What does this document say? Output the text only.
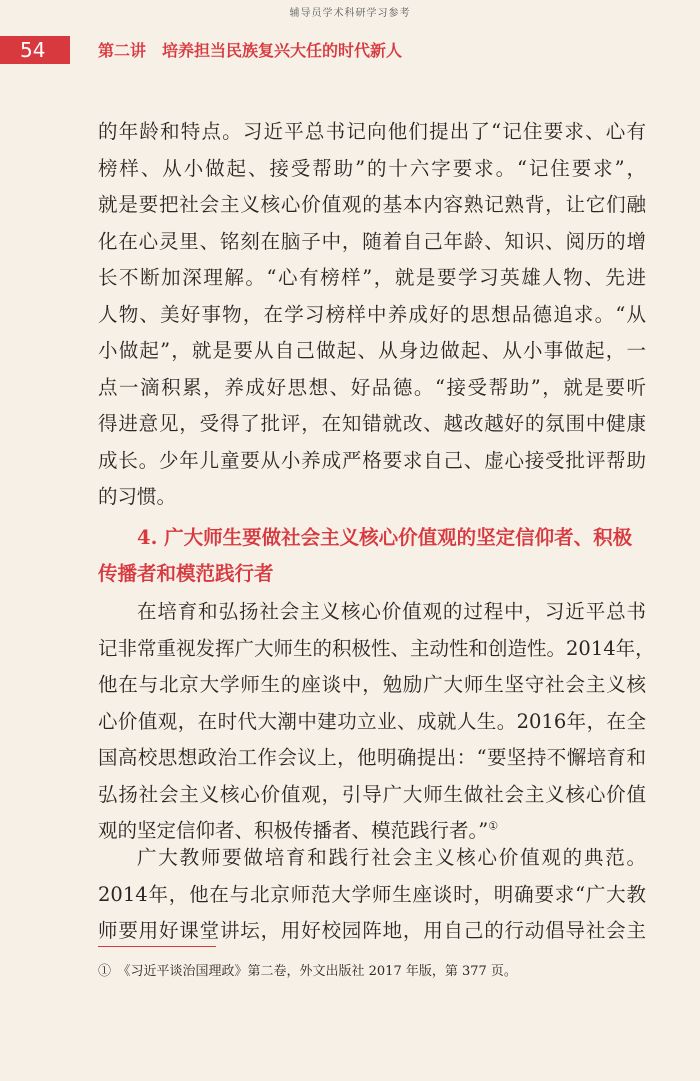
辅导员学术科研学习参考
54	第二讲　培养担当民族复兴大任的时代新人
的年龄和特点。习近平总书记向他们提出了“记住要求、心有
榜样、从小做起、接受帮助”的十六字要求。“记住要求”，
就是要把社会主义核心价值观的基本内容熟记熟背，让它们融
化在心灵里、铭刻在脑子中，随着自己年龄、知识、阅历的增
长不断加深理解。“心有榜样”，就是要学习英雄人物、先进
人物、美好事物，在学习榜样中养成好的思想品德追求。“从
小做起”，就是要从自己做起、从身边做起、从小事做起，一
点一滴积累，养成好思想、好品德。“接受帮助”，就是要听
得进意见，受得了批评，在知错就改、越改越好的氛围中健康
成长。少年儿童要从小养成严格要求自己、虚心接受批评帮助
的习惯。
4. 广大师生要做社会主义核心价值观的坚定信仰者、积极
传播者和模范践行者
在培育和弘扬社会主义核心价值观的过程中，习近平总书
记非常重视发挥广大师生的积极性、主动性和创造性。2014年，
他在与北京大学师生的座谈中，勉励广大师生坚守社会主义核
心价值观，在时代大潮中建功立业、成就人生。2016年，在全
国高校思想政治工作会议上，他明确提出：“要坚持不懈培育和
弘扬社会主义核心价值观，引导广大师生做社会主义核心价值
观的坚定信仰者、积极传播者、模范践行者。”①
广大教师要做培育和践行社会主义核心价值观的典范。
2014年，他在与北京师范大学师生座谈时，明确要求“广大教
师要用好课堂讲坛，用好校园阵地，用自己的行动倡导社会主
①　《习近平谈治国理政》第二卷，外文出版社 2017 年版，第 377 页。
